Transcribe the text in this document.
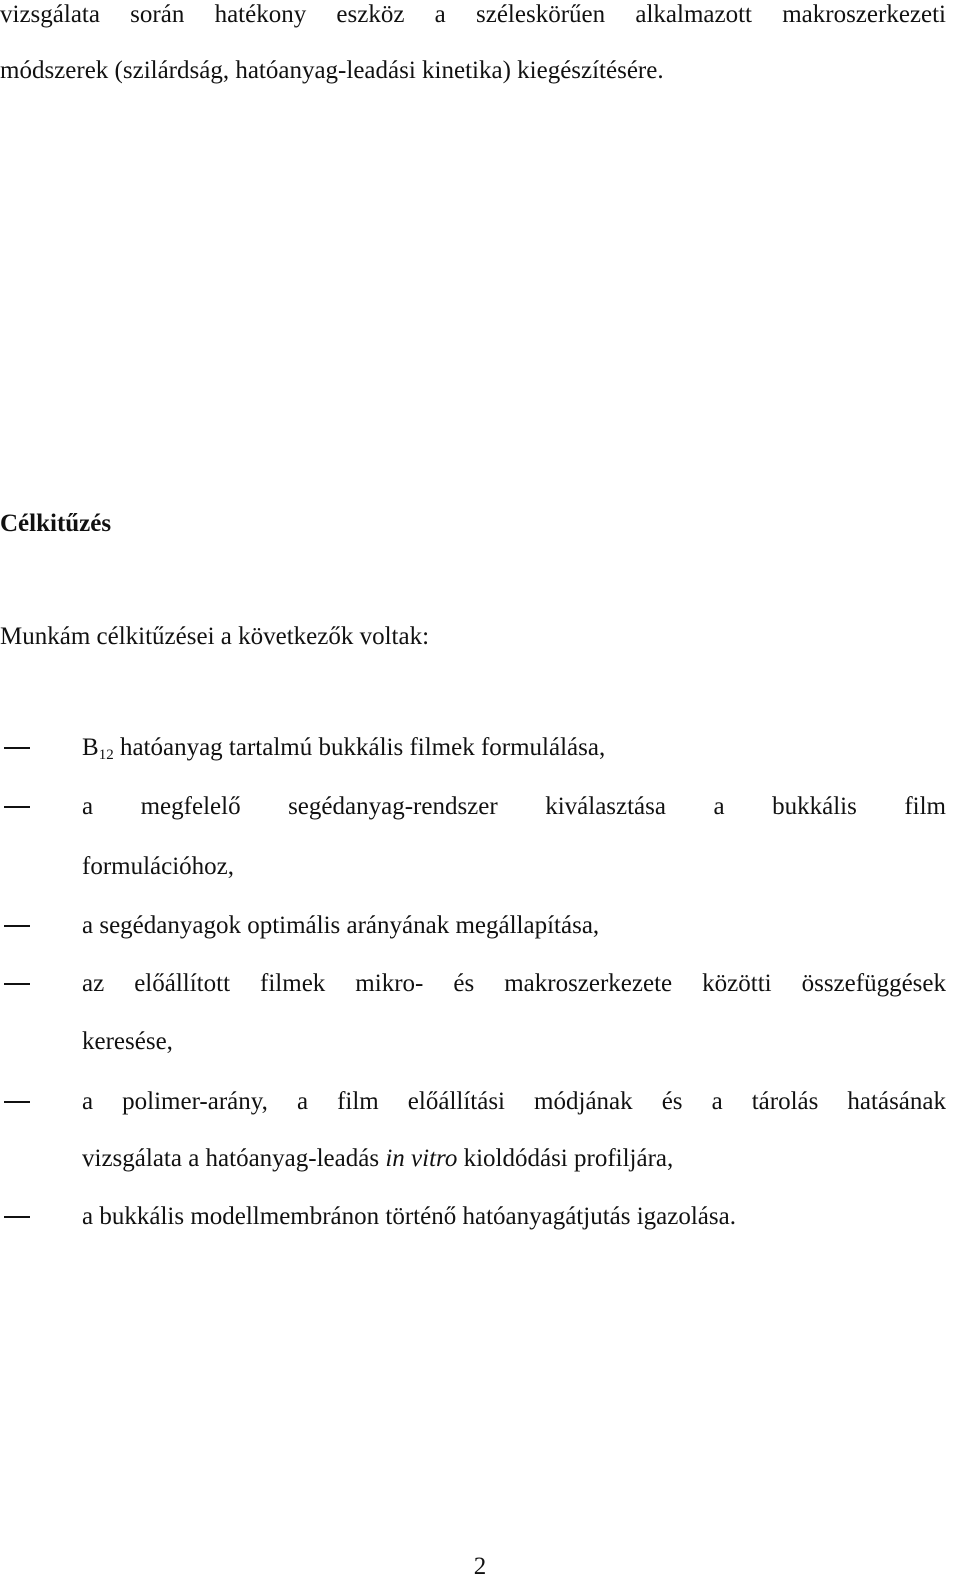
vizsgálata során hatékony eszköz a széleskörűen alkalmazott makroszerkezeti
módszerek (szilárdság, hatóanyag-leadási kinetika) kiegészítésére.
Célkitűzés
Munkám célkitűzései a következők voltak:
$B_{12}$ hatóanyag tartalmú bukkális filmek formulálása,
a megfelelő segédanyag-rendszer kiválasztása a bukkális film
formulációhoz,
a segédanyagok optimális arányának megállapítása,
az előállított filmek mikro- és makroszerkezete közötti összefüggések
keresése,
a polimer-arány, a film előállítási módjának és a tárolás hatásának
vizsgálata a hatóanyag-leadás in vitro kioldódási profiljára,
a bukkális modellmembránon történő hatóanyagátjutás igazolása.
2
